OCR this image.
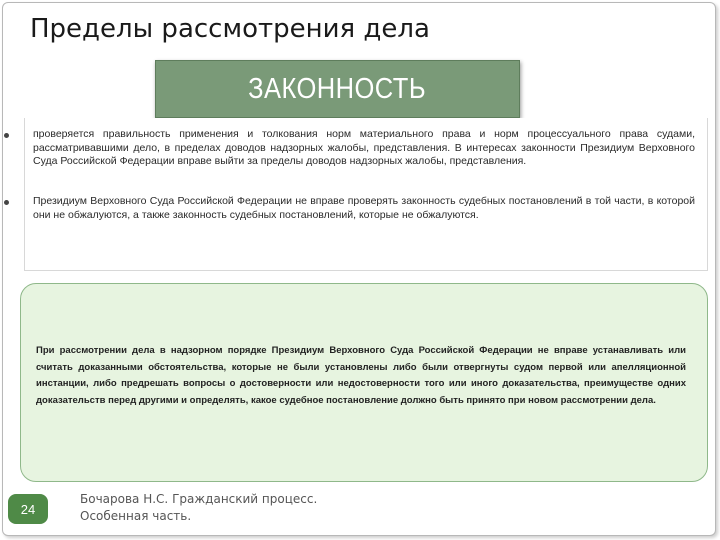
Пределы рассмотрения дела
ЗАКОННОСТЬ
проверяется правильность применения и толкования норм материального права и норм процессуального права судами, рассматривавшими дело, в пределах доводов надзорных жалобы, представления. В интересах законности Президиум Верховного Суда Российской Федерации вправе выйти за пределы доводов надзорных жалобы, представления.
Президиум Верховного Суда Российской Федерации не вправе проверять законность судебных постановлений в той части, в которой они не обжалуются, а также законность судебных постановлений, которые не обжалуются.
При рассмотрении дела в надзорном порядке Президиум Верховного Суда Российской Федерации не вправе устанавливать или считать доказанными обстоятельства, которые не были установлены либо были отвергнуты судом первой или апелляционной инстанции, либо предрешать вопросы о достоверности или недостоверности того или иного доказательства, преимуществе одних доказательств перед другими и определять, какое судебное постановление должно быть принято при новом рассмотрении дела.
24
Бочарова Н.С. Гражданский процесс.
Особенная часть.
